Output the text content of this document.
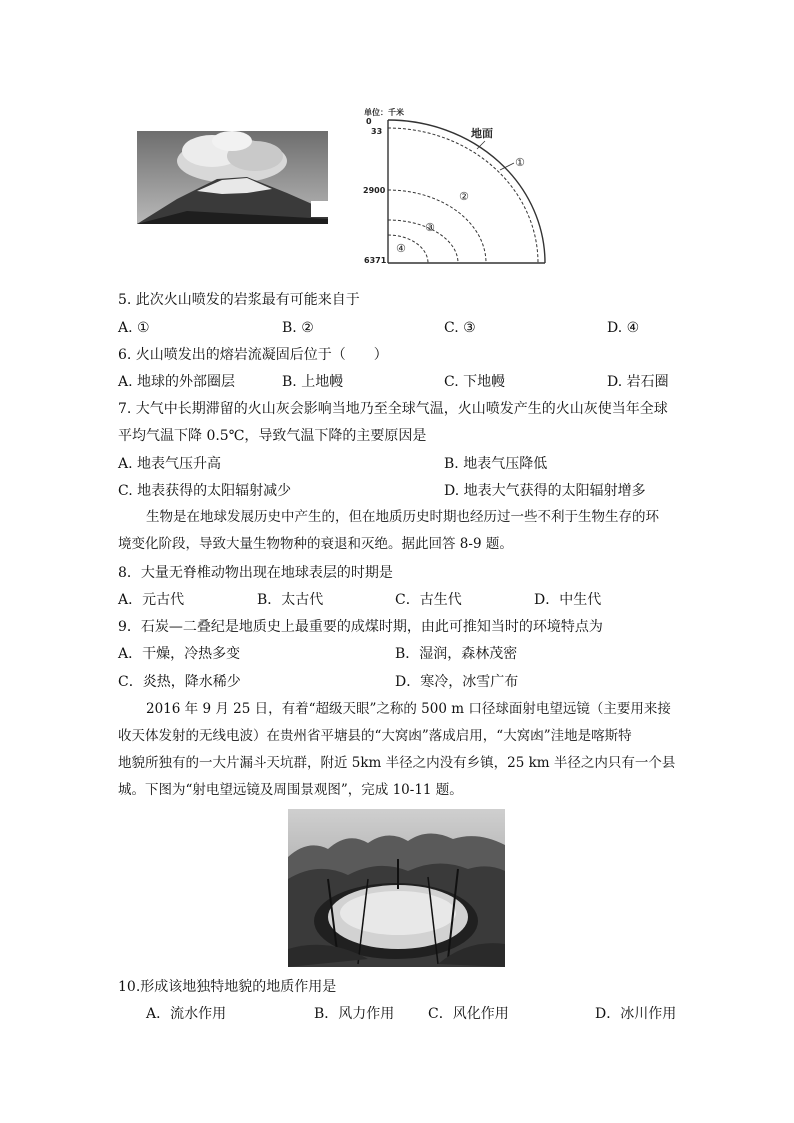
单位：千米
0
33
2900
6371
地面
①
②
③
④
5. 此次火山喷发的岩浆最有可能来自于
A. ①	B. ②	C. ③	D. ④
6. 火山喷发出的熔岩流凝固后位于（　　）
A. 地球的外部圈层	B. 上地幔	C. 下地幔	D. 岩石圈
7. 大气中长期滞留的火山灰会影响当地乃至全球气温，火山喷发产生的火山灰使当年全球
平均气温下降 0.5℃，导致气温下降的主要原因是
A. 地表气压升高	B. 地表气压降低
C. 地表获得的太阳辐射减少	D. 地表大气获得的太阳辐射增多
生物是在地球发展历史中产生的，但在地质历史时期也经历过一些不利于生物生存的环
境变化阶段，导致大量生物物种的衰退和灭绝。据此回答 8-9 题。
8．大量无脊椎动物出现在地球表层的时期是
A．元古代	B．太古代	C．古生代	D．中生代
9．石炭—二叠纪是地质史上最重要的成煤时期，由此可推知当时的环境特点为
A．干燥，冷热多变	B．湿润，森林茂密
C．炎热，降水稀少	D．寒冷，冰雪广布
2016 年 9 月 25 日，有着“超级天眼”之称的 500 m 口径球面射电望远镜（主要用来接
收天体发射的无线电波）在贵州省平塘县的“大窝凼”落成启用，“大窝凼”洼地是喀斯特
地貌所独有的一大片漏斗天坑群，附近 5km 半径之内没有乡镇，25 km 半径之内只有一个县
城。下图为“射电望远镜及周围景观图”，完成 10-11 题。
10.形成该地独特地貌的地质作用是
A．流水作用	B．风力作用 C．风化作用	D．冰川作用
